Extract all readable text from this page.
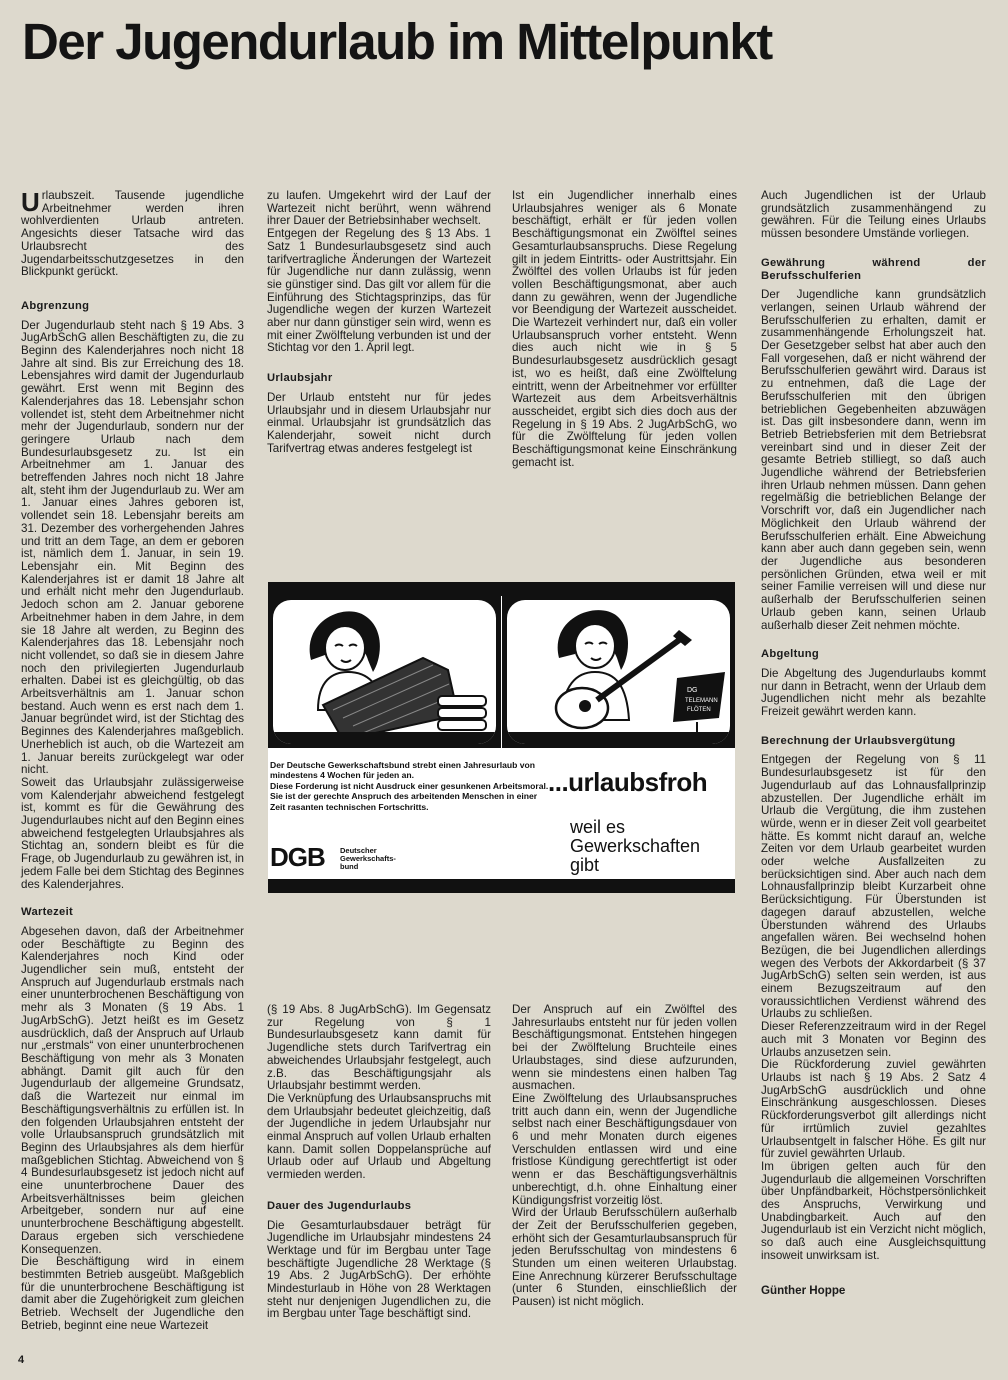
Der Jugendurlaub im Mittelpunkt

Urlaubszeit. Tausende jugendliche Arbeitnehmer werden ihren wohlverdienten Urlaub antreten. Angesichts dieser Tatsache wird das Urlaubsrecht des Jugendarbeitsschutzgesetzes in den Blickpunkt gerückt.

Abgrenzung

Der Jugendurlaub steht nach § 19 Abs. 3 JugArbSchG allen Beschäftigten zu, die zu Beginn des Kalenderjahres noch nicht 18 Jahre alt sind. Bis zur Erreichung des 18. Lebensjahres wird damit der Jugendurlaub gewährt. Erst wenn mit Beginn des Kalenderjahres das 18. Lebensjahr schon vollendet ist, steht dem Arbeitnehmer nicht mehr der Jugendurlaub, sondern nur der geringere Urlaub nach dem Bundesurlaubsgesetz zu. Ist ein Arbeitnehmer am 1. Januar des betreffenden Jahres noch nicht 18 Jahre alt, steht ihm der Jugendurlaub zu. Wer am 1. Januar eines Jahres geboren ist, vollendet sein 18. Lebensjahr bereits am 31. Dezember des vorhergehenden Jahres und tritt an dem Tage, an dem er geboren ist, nämlich dem 1. Januar, in sein 19. Lebensjahr ein. Mit Beginn des Kalenderjahres ist er damit 18 Jahre alt und erhält nicht mehr den Jugendurlaub. Jedoch schon am 2. Januar geborene Arbeitnehmer haben in dem Jahre, in dem sie 18 Jahre alt werden, zu Beginn des Kalenderjahres das 18. Lebensjahr noch nicht vollendet, so daß sie in diesem Jahre noch den privilegierten Jugendurlaub erhalten. Dabei ist es gleichgültig, ob das Arbeitsverhältnis am 1. Januar schon bestand. Auch wenn es erst nach dem 1. Januar begründet wird, ist der Stichtag des Beginnes des Kalenderjahres maßgeblich. Unerheblich ist auch, ob die Wartezeit am 1. Januar bereits zurückgelegt war oder nicht.

Soweit das Urlaubsjahr zulässigerweise vom Kalenderjahr abweichend festgelegt ist, kommt es für die Gewährung des Jugendurlaubes nicht auf den Beginn eines abweichend festgelegten Urlaubsjahres als Stichtag an, sondern bleibt es für die Frage, ob Jugendurlaub zu gewähren ist, in jedem Falle bei dem Stichtag des Beginnes des Kalenderjahres.

Wartezeit

Abgesehen davon, daß der Arbeitnehmer oder Beschäftigte zu Beginn des Kalenderjahres noch Kind oder Jugendlicher sein muß, entsteht der Anspruch auf Jugendurlaub erstmals nach einer ununterbrochenen Beschäftigung von mehr als 3 Monaten (§ 19 Abs. 1 JugArbSchG). Jetzt heißt es im Gesetz ausdrücklich, daß der Anspruch auf Urlaub nur „erstmals“ von einer ununterbrochenen Beschäftigung von mehr als 3 Monaten abhängt. Damit gilt auch für den Jugendurlaub der allgemeine Grundsatz, daß die Wartezeit nur einmal im Beschäftigungsverhältnis zu erfüllen ist. In den folgenden Urlaubsjahren entsteht der volle Urlaubsanspruch grundsätzlich mit Beginn des Urlaubsjahres als dem hierfür maßgeblichen Stichtag. Abweichend von § 4 Bundesurlaubsgesetz ist jedoch nicht auf eine ununterbrochene Dauer des Arbeitsverhältnisses beim gleichen Arbeitgeber, sondern nur auf eine ununterbrochene Beschäftigung abgestellt. Daraus ergeben sich verschiedene Konsequenzen.

Die Beschäftigung wird in einem bestimmten Betrieb ausgeübt. Maßgeblich für die ununterbrochene Beschäftigung ist damit aber die Zugehörigkeit zum gleichen Betrieb. Wechselt der Jugendliche den Betrieb, beginnt eine neue Wartezeit

zu laufen. Umgekehrt wird der Lauf der Wartezeit nicht berührt, wenn während ihrer Dauer der Betriebsinhaber wechselt.

Entgegen der Regelung des § 13 Abs. 1 Satz 1 Bundesurlaubsgesetz sind auch tarifvertragliche Änderungen der Wartezeit für Jugendliche nur dann zulässig, wenn sie günstiger sind. Das gilt vor allem für die Einführung des Stichtagsprinzips, das für Jugendliche wegen der kurzen Wartezeit aber nur dann günstiger sein wird, wenn es mit einer Zwölftelung verbunden ist und der Stichtag vor den 1. April legt.

Urlaubsjahr

Der Urlaub entsteht nur für jedes Urlaubsjahr und in diesem Urlaubsjahr nur einmal. Urlaubsjahr ist grundsätzlich das Kalenderjahr, soweit nicht durch Tarifvertrag etwas anderes festgelegt ist

Ist ein Jugendlicher innerhalb eines Urlaubsjahres weniger als 6 Monate beschäftigt, erhält er für jeden vollen Beschäftigungsmonat ein Zwölftel seines Gesamturlaubsanspruchs. Diese Regelung gilt in jedem Eintritts- oder Austrittsjahr. Ein Zwölftel des vollen Urlaubs ist für jeden vollen Beschäftigungsmonat, aber auch dann zu gewähren, wenn der Jugendliche vor Beendigung der Wartezeit ausscheidet. Die Wartezeit verhindert nur, daß ein voller Urlaubsanspruch vorher entsteht. Wenn dies auch nicht wie in § 5 Bundesurlaubsgesetz ausdrücklich gesagt ist, wo es heißt, daß eine Zwölftelung eintritt, wenn der Arbeitnehmer vor erfüllter Wartezeit aus dem Arbeitsverhältnis ausscheidet, ergibt sich dies doch aus der Regelung in § 19 Abs. 2 JugArbSchG, wo für die Zwölftelung für jeden vollen Beschäftigungsmonat keine Einschränkung gemacht ist.

DG
TELEMANN
FLÖTEN

Der Deutsche Gewerkschaftsbund strebt einen Jahresurlaub von mindestens 4 Wochen für jeden an.

Diese Forderung ist nicht Ausdruck einer gesunkenen Arbeitsmoral.

Sie ist der gerechte Anspruch des arbeitenden Menschen in einer Zeit rasanten technischen Fortschritts.

DGB Deutscher
Gewerkschafts-
bund
...urlaubsfroh
weil es
Gewerkschaften
gibt

(§ 19 Abs. 8 JugArbSchG). Im Gegensatz zur Regelung von § 1 Bundesurlaubsgesetz kann damit für Jugendliche stets durch Tarifvertrag ein abweichendes Urlaubsjahr festgelegt, auch z.B. das Beschäftigungsjahr als Urlaubsjahr bestimmt werden.

Die Verknüpfung des Urlaubsanspruchs mit dem Urlaubsjahr bedeutet gleichzeitig, daß der Jugendliche in jedem Urlaubsjahr nur einmal Anspruch auf vollen Urlaub erhalten kann. Damit sollen Doppelansprüche auf Urlaub oder auf Urlaub und Abgeltung vermieden werden.

Dauer des Jugendurlaubs

Die Gesamturlaubsdauer beträgt für Jugendliche im Urlaubsjahr mindestens 24 Werktage und für im Bergbau unter Tage beschäftigte Jugendliche 28 Werktage (§ 19 Abs. 2 JugArbSchG). Der erhöhte Mindesturlaub in Höhe von 28 Werktagen steht nur denjenigen Jugendlichen zu, die im Bergbau unter Tage beschäftigt sind.

Der Anspruch auf ein Zwölftel des Jahresurlaubs entsteht nur für jeden vollen Beschäftigungsmonat. Entstehen hingegen bei der Zwölftelung Bruchteile eines Urlaubstages, sind diese aufzurunden, wenn sie mindestens einen halben Tag ausmachen.

Eine Zwölftelung des Urlaubsanspruches tritt auch dann ein, wenn der Jugendliche selbst nach einer Beschäftigungsdauer von 6 und mehr Monaten durch eigenes Verschulden entlassen wird und eine fristlose Kündigung gerechtfertigt ist oder wenn er das Beschäftigungsverhältnis unberechtigt, d.h. ohne Einhaltung einer Kündigungsfrist vorzeitig löst.

Wird der Urlaub Berufsschülern außerhalb der Zeit der Berufsschulferien gegeben, erhöht sich der Gesamturlaubsanspruch für jeden Berufsschultag von mindestens 6 Stunden um einen weiteren Urlaubstag. Eine Anrechnung kürzerer Berufsschultage (unter 6 Stunden, einschließlich der Pausen) ist nicht möglich.

Auch Jugendlichen ist der Urlaub grundsätzlich zusammenhängend zu gewähren. Für die Teilung eines Urlaubs müssen besondere Umstände vorliegen.

Gewährung während der Berufsschulferien

Der Jugendliche kann grundsätzlich verlangen, seinen Urlaub während der Berufsschulferien zu erhalten, damit er zusammenhängende Erholungszeit hat. Der Gesetzgeber selbst hat aber auch den Fall vorgesehen, daß er nicht während der Berufsschulferien gewährt wird. Daraus ist zu entnehmen, daß die Lage der Berufsschulferien mit den übrigen betrieblichen Gegebenheiten abzuwägen ist. Das gilt insbesondere dann, wenn im Betrieb Betriebsferien mit dem Betriebsrat vereinbart sind und in dieser Zeit der gesamte Betrieb stilliegt, so daß auch Jugendliche während der Betriebsferien ihren Urlaub nehmen müssen. Dann gehen regelmäßig die betrieblichen Belange der Vorschrift vor, daß ein Jugendlicher nach Möglichkeit den Urlaub während der Berufsschulferien erhält. Eine Abweichung kann aber auch dann gegeben sein, wenn der Jugendliche aus besonderen persönlichen Gründen, etwa weil er mit seiner Familie verreisen will und diese nur außerhalb der Berufsschulferien seinen Urlaub geben kann, seinen Urlaub außerhalb dieser Zeit nehmen möchte.

Abgeltung

Die Abgeltung des Jugendurlaubs kommt nur dann in Betracht, wenn der Urlaub dem Jugendlichen nicht mehr als bezahlte Freizeit gewährt werden kann.

Berechnung der Urlaubsvergütung

Entgegen der Regelung von § 11 Bundesurlaubsgesetz ist für den Jugendurlaub auf das Lohnausfallprinzip abzustellen. Der Jugendliche erhält im Urlaub die Vergütung, die ihm zustehen würde, wenn er in dieser Zeit voll gearbeitet hätte. Es kommt nicht darauf an, welche Zeiten vor dem Urlaub gearbeitet wurden oder welche Ausfallzeiten zu berücksichtigen sind. Aber auch nach dem Lohnausfallprinzip bleibt Kurzarbeit ohne Berücksichtigung. Für Überstunden ist dagegen darauf abzustellen, welche Überstunden während des Urlaubs angefallen wären. Bei wechselnd hohen Bezügen, die bei Jugendlichen allerdings wegen des Verbots der Akkordarbeit (§ 37 JugArbSchG) selten sein werden, ist aus einem Bezugszeitraum auf den voraussichtlichen Verdienst während des Urlaubs zu schließen.

Dieser Referenzzeitraum wird in der Regel auch mit 3 Monaten vor Beginn des Urlaubs anzusetzen sein.

Die Rückforderung zuviel gewährten Urlaubs ist nach § 19 Abs. 2 Satz 4 JugArbSchG ausdrücklich und ohne Einschränkung ausgeschlossen. Dieses Rückforderungsverbot gilt allerdings nicht für irrtümlich zuviel gezahltes Urlaubsentgelt in falscher Höhe. Es gilt nur für zuviel gewährten Urlaub.

Im übrigen gelten auch für den Jugendurlaub die allgemeinen Vorschriften über Unpfändbarkeit, Höchstpersönlichkeit des Anspruchs, Verwirkung und Unabdingbarkeit. Auch auf den Jugendurlaub ist ein Verzicht nicht möglich, so daß auch eine Ausgleichsquittung insoweit unwirksam ist.

Günther Hoppe

4
